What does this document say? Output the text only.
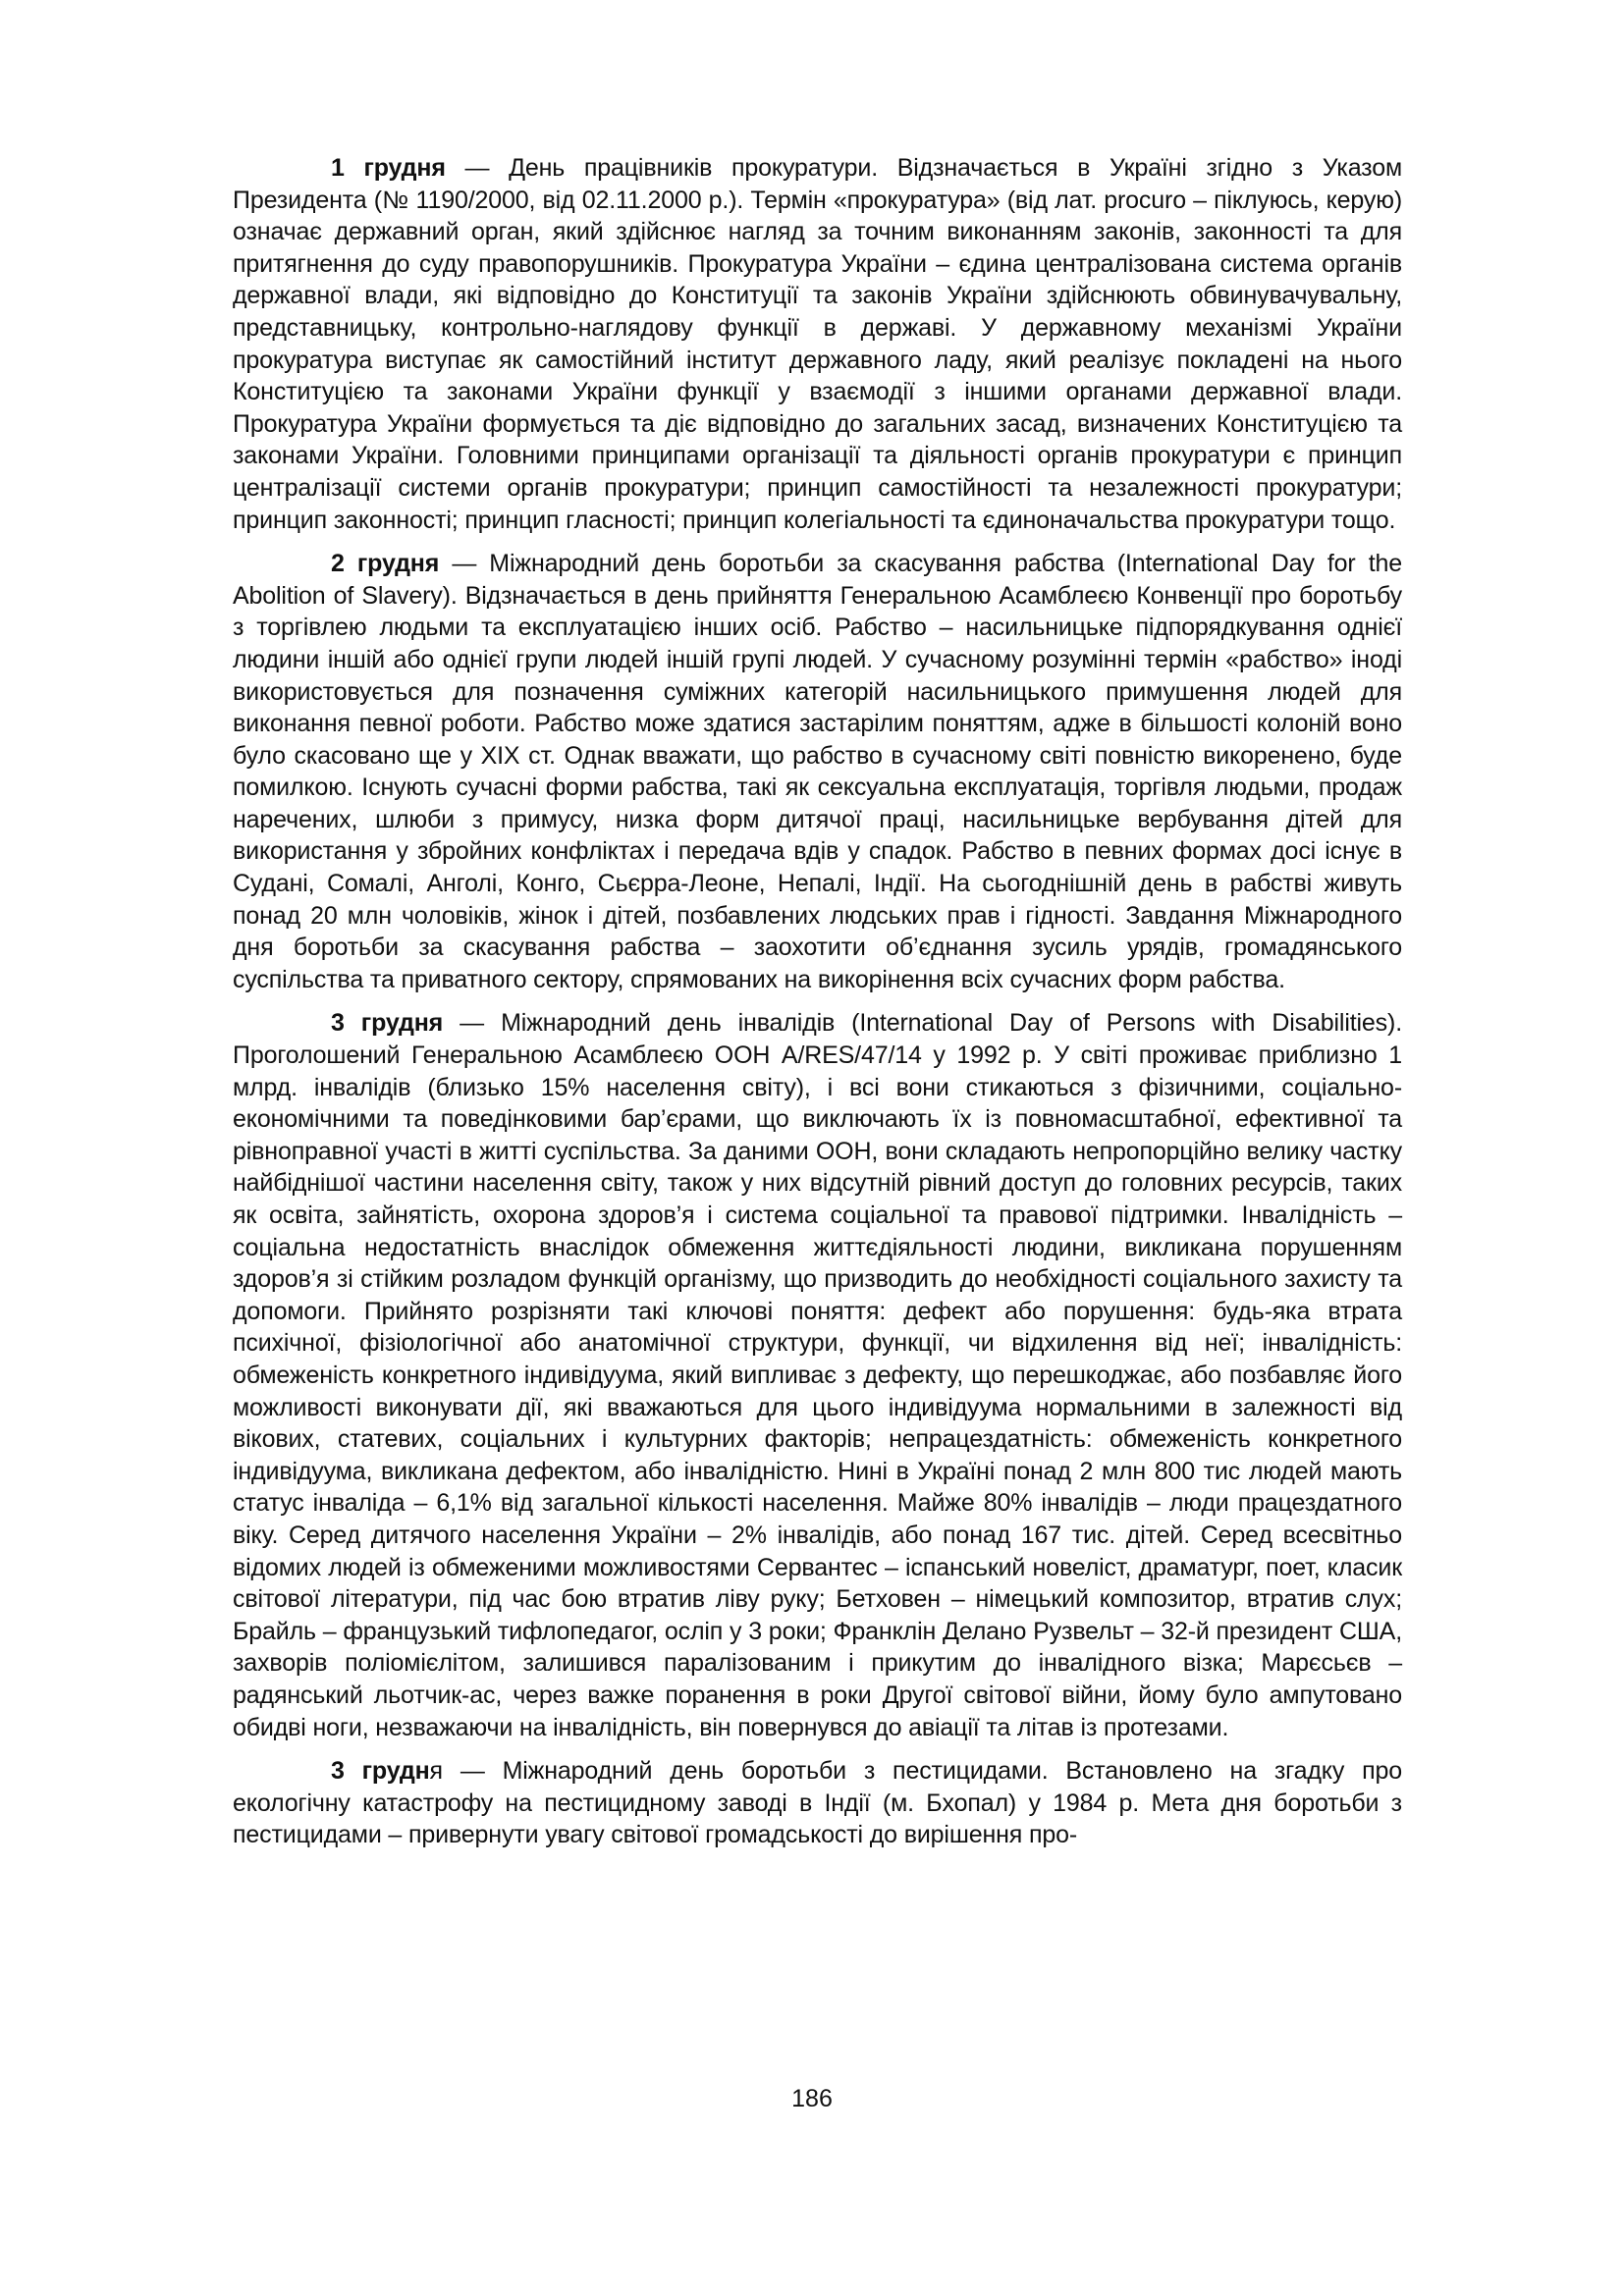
1 грудня — День працівників прокуратури. Відзначається в Україні згідно з Указом Президента (№ 1190/2000, від 02.11.2000 р.). Термін «прокуратура» (від лат. procuro – піклуюсь, керую) означає державний орган, який здійснює нагляд за точним виконанням законів, законності та для притягнення до суду правопорушників. Прокуратура України – єдина централізована система органів державної влади, які відповідно до Конституції та законів України здійснюють обвинувачувальну, представницьку, контрольно-наглядову функції в державі. У державному механізмі України прокуратура виступає як самостійний інститут державного ладу, який реалізує покладені на нього Конституцією та законами України функції у взаємодії з іншими органами державної влади. Прокуратура України формується та діє відповідно до загальних засад, визначених Конституцією та законами України. Головними принципами організації та діяльності органів прокуратури є принцип централізації системи органів прокуратури; принцип самостійності та незалежності прокуратури; принцип законності; принцип гласності; принцип колегіальності та єдиноначальства прокуратури тощо.

2 грудня — Міжнародний день боротьби за скасування рабства (International Day for the Abolition of Slavery). Відзначається в день прийняття Генеральною Асамблеєю Конвенції про боротьбу з торгівлею людьми та експлуатацією інших осіб. Рабство – насильницьке підпорядкування однієї людини іншій або однієї групи людей іншій групі людей. У сучасному розумінні термін «рабство» іноді використовується для позначення суміжних категорій насильницького примушення людей для виконання певної роботи. Рабство може здатися застарілим поняттям, адже в більшості колоній воно було скасовано ще у XIX ст. Однак вважати, що рабство в сучасному світі повністю викоренено, буде помилкою. Існують сучасні форми рабства, такі як сексуальна експлуатація, торгівля людьми, продаж наречених, шлюби з примусу, низка форм дитячої праці, насильницьке вербування дітей для використання у збройних конфліктах і передача вдів у спадок. Рабство в певних формах досі існує в Судані, Сомалі, Анголі, Конго, Сьєрра-Леоне, Непалі, Індії. На сьогоднішній день в рабстві живуть понад 20 млн чоловіків, жінок і дітей, позбавлених людських прав і гідності. Завдання Міжнародного дня боротьби за скасування рабства – заохотити об’єднання зусиль урядів, громадянського суспільства та приватного сектору, спрямованих на викорінення всіх сучасних форм рабства.

3 грудня — Міжнародний день інвалідів (International Day of Persons with Disabilities). Проголошений Генеральною Асамблеєю ООН A/RES/47/14 у 1992 р. У світі проживає приблизно 1 млрд. інвалідів (близько 15% населення світу), і всі вони стикаються з фізичними, соціально-економічними та поведінковими бар’єрами, що виключають їх із повномасштабної, ефективної та рівноправної участі в житті суспільства. За даними ООН, вони складають непропорційно велику частку найбіднішої частини населення світу, також у них відсутній рівний доступ до головних ресурсів, таких як освіта, зайнятість, охорона здоров’я і система соціальної та правової підтримки. Інвалідність – соціальна недостатність внаслідок обмеження життєдіяльності людини, викликана порушенням здоров’я зі стійким розладом функцій організму, що призводить до необхідності соціального захисту та допомоги. Прийнято розрізняти такі ключові поняття: дефект або порушення: будь-яка втрата психічної, фізіологічної або анатомічної структури, функції, чи відхилення від неї; інвалідність: обмеженість конкретного індивідуума, який випливає з дефекту, що перешкоджає, або позбавляє його можливості виконувати дії, які вважаються для цього індивідуума нормальними в залежності від вікових, статевих, соціальних і культурних факторів; непрацездатність: обмеженість конкретного індивідуума, викликана дефектом, або інвалідністю. Нині в Україні понад 2 млн 800 тис людей мають статус інваліда – 6,1% від загальної кількості населення. Майже 80% інвалідів – люди працездатного віку. Серед дитячого населення України – 2% інвалідів, або понад 167 тис. дітей. Серед всесвітньо відомих людей із обмеженими можливостями Сервантес – іспанський новеліст, драматург, поет, класик світової літератури, під час бою втратив ліву руку; Бетховен – німецький композитор, втратив слух; Брайль – французький тифлопедагог, осліп у 3 роки; Франклін Делано Рузвельт – 32-й президент США, захворів поліомієлітом, залишився паралізованим і прикутим до інвалідного візка; Марєсьєв – радянський льотчик-ас, через важке поранення в роки Другої світової війни, йому було ампутовано обидві ноги, незважаючи на інвалідність, він повернувся до авіації та літав із протезами.

3 грудня — Міжнародний день боротьби з пестицидами. Встановлено на згадку про екологічну катастрофу на пестицидному заводі в Індії (м. Бхопал) у 1984 р. Мета дня боротьби з пестицидами – привернути увагу світової громадськості до вирішення про-

186
